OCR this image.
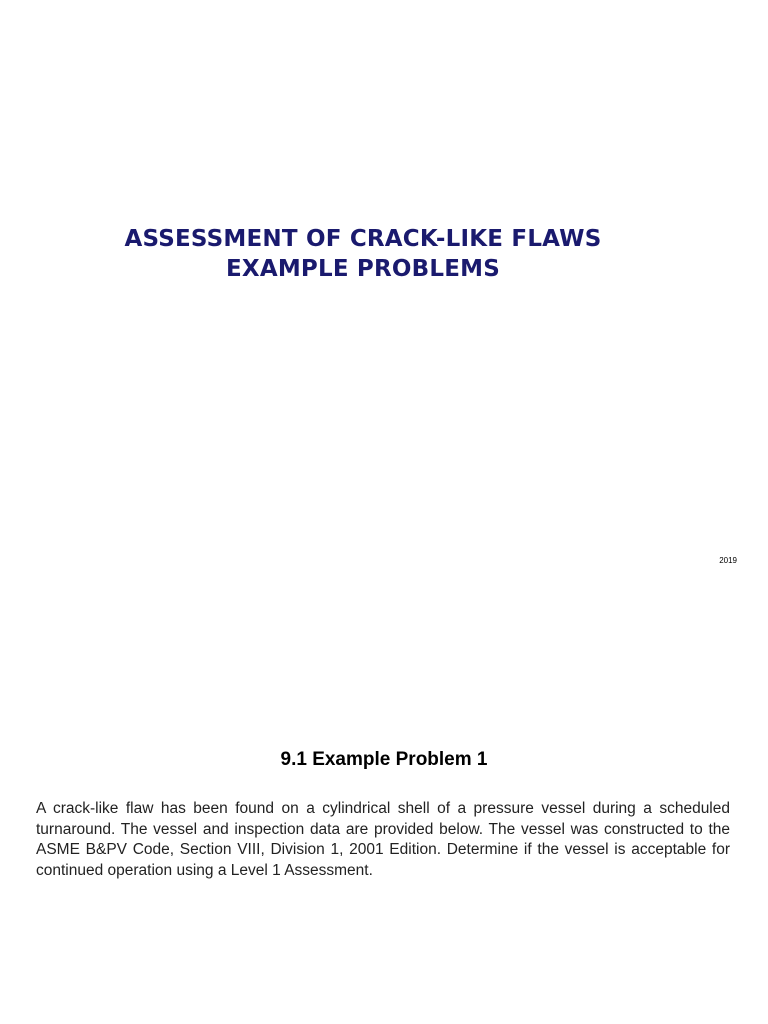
ASSESSMENT OF CRACK-LIKE FLAWS
EXAMPLE PROBLEMS
2019
9.1 Example Problem 1

A crack-like flaw has been found on a cylindrical shell of a pressure vessel during a scheduled turnaround. The vessel and inspection data are provided below. The vessel was constructed to the ASME B&PV Code, Section VIII, Division 1, 2001 Edition. Determine if the vessel is acceptable for continued operation using a Level 1 Assessment.
